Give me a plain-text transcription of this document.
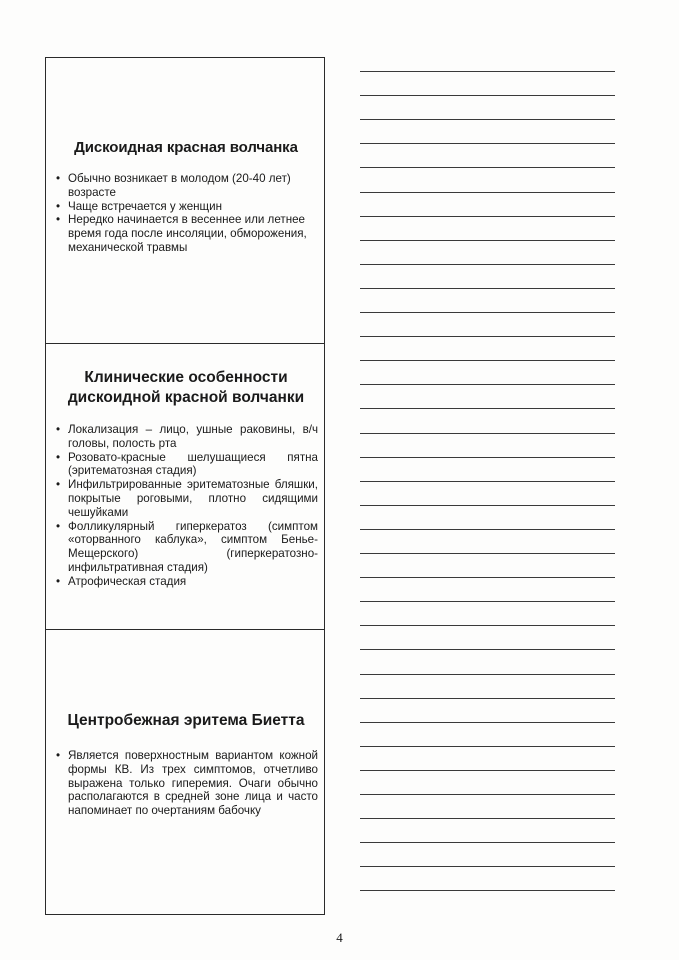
Дискоидная красная волчанка
• Обычно возникает в молодом (20-40 лет) возрасте
• Чаще встречается у женщин
• Нередко начинается в весеннее или летнее время года после инсоляции, обморожения, механической травмы
Клинические особенности
дискоидной красной волчанки
• Локализация – лицо, ушные раковины, в/ч головы, полость рта
• Розовато-красные шелушащиеся пятна (эритематозная стадия)
• Инфильтрированные эритематозные бляшки, покрытые роговыми, плотно сидящими чешуйками
• Фолликулярный гиперкератоз (симптом «оторванного каблука», симптом Бенье-Мещерского) (гиперкератозно-инфильтративная стадия)
• Атрофическая стадия
Центробежная эритема Биетта
• Является поверхностным вариантом кожной формы КВ. Из трех симптомов, отчетливо выражена только гиперемия. Очаги обычно располагаются в средней зоне лица и часто напоминает по очертаниям бабочку
4
